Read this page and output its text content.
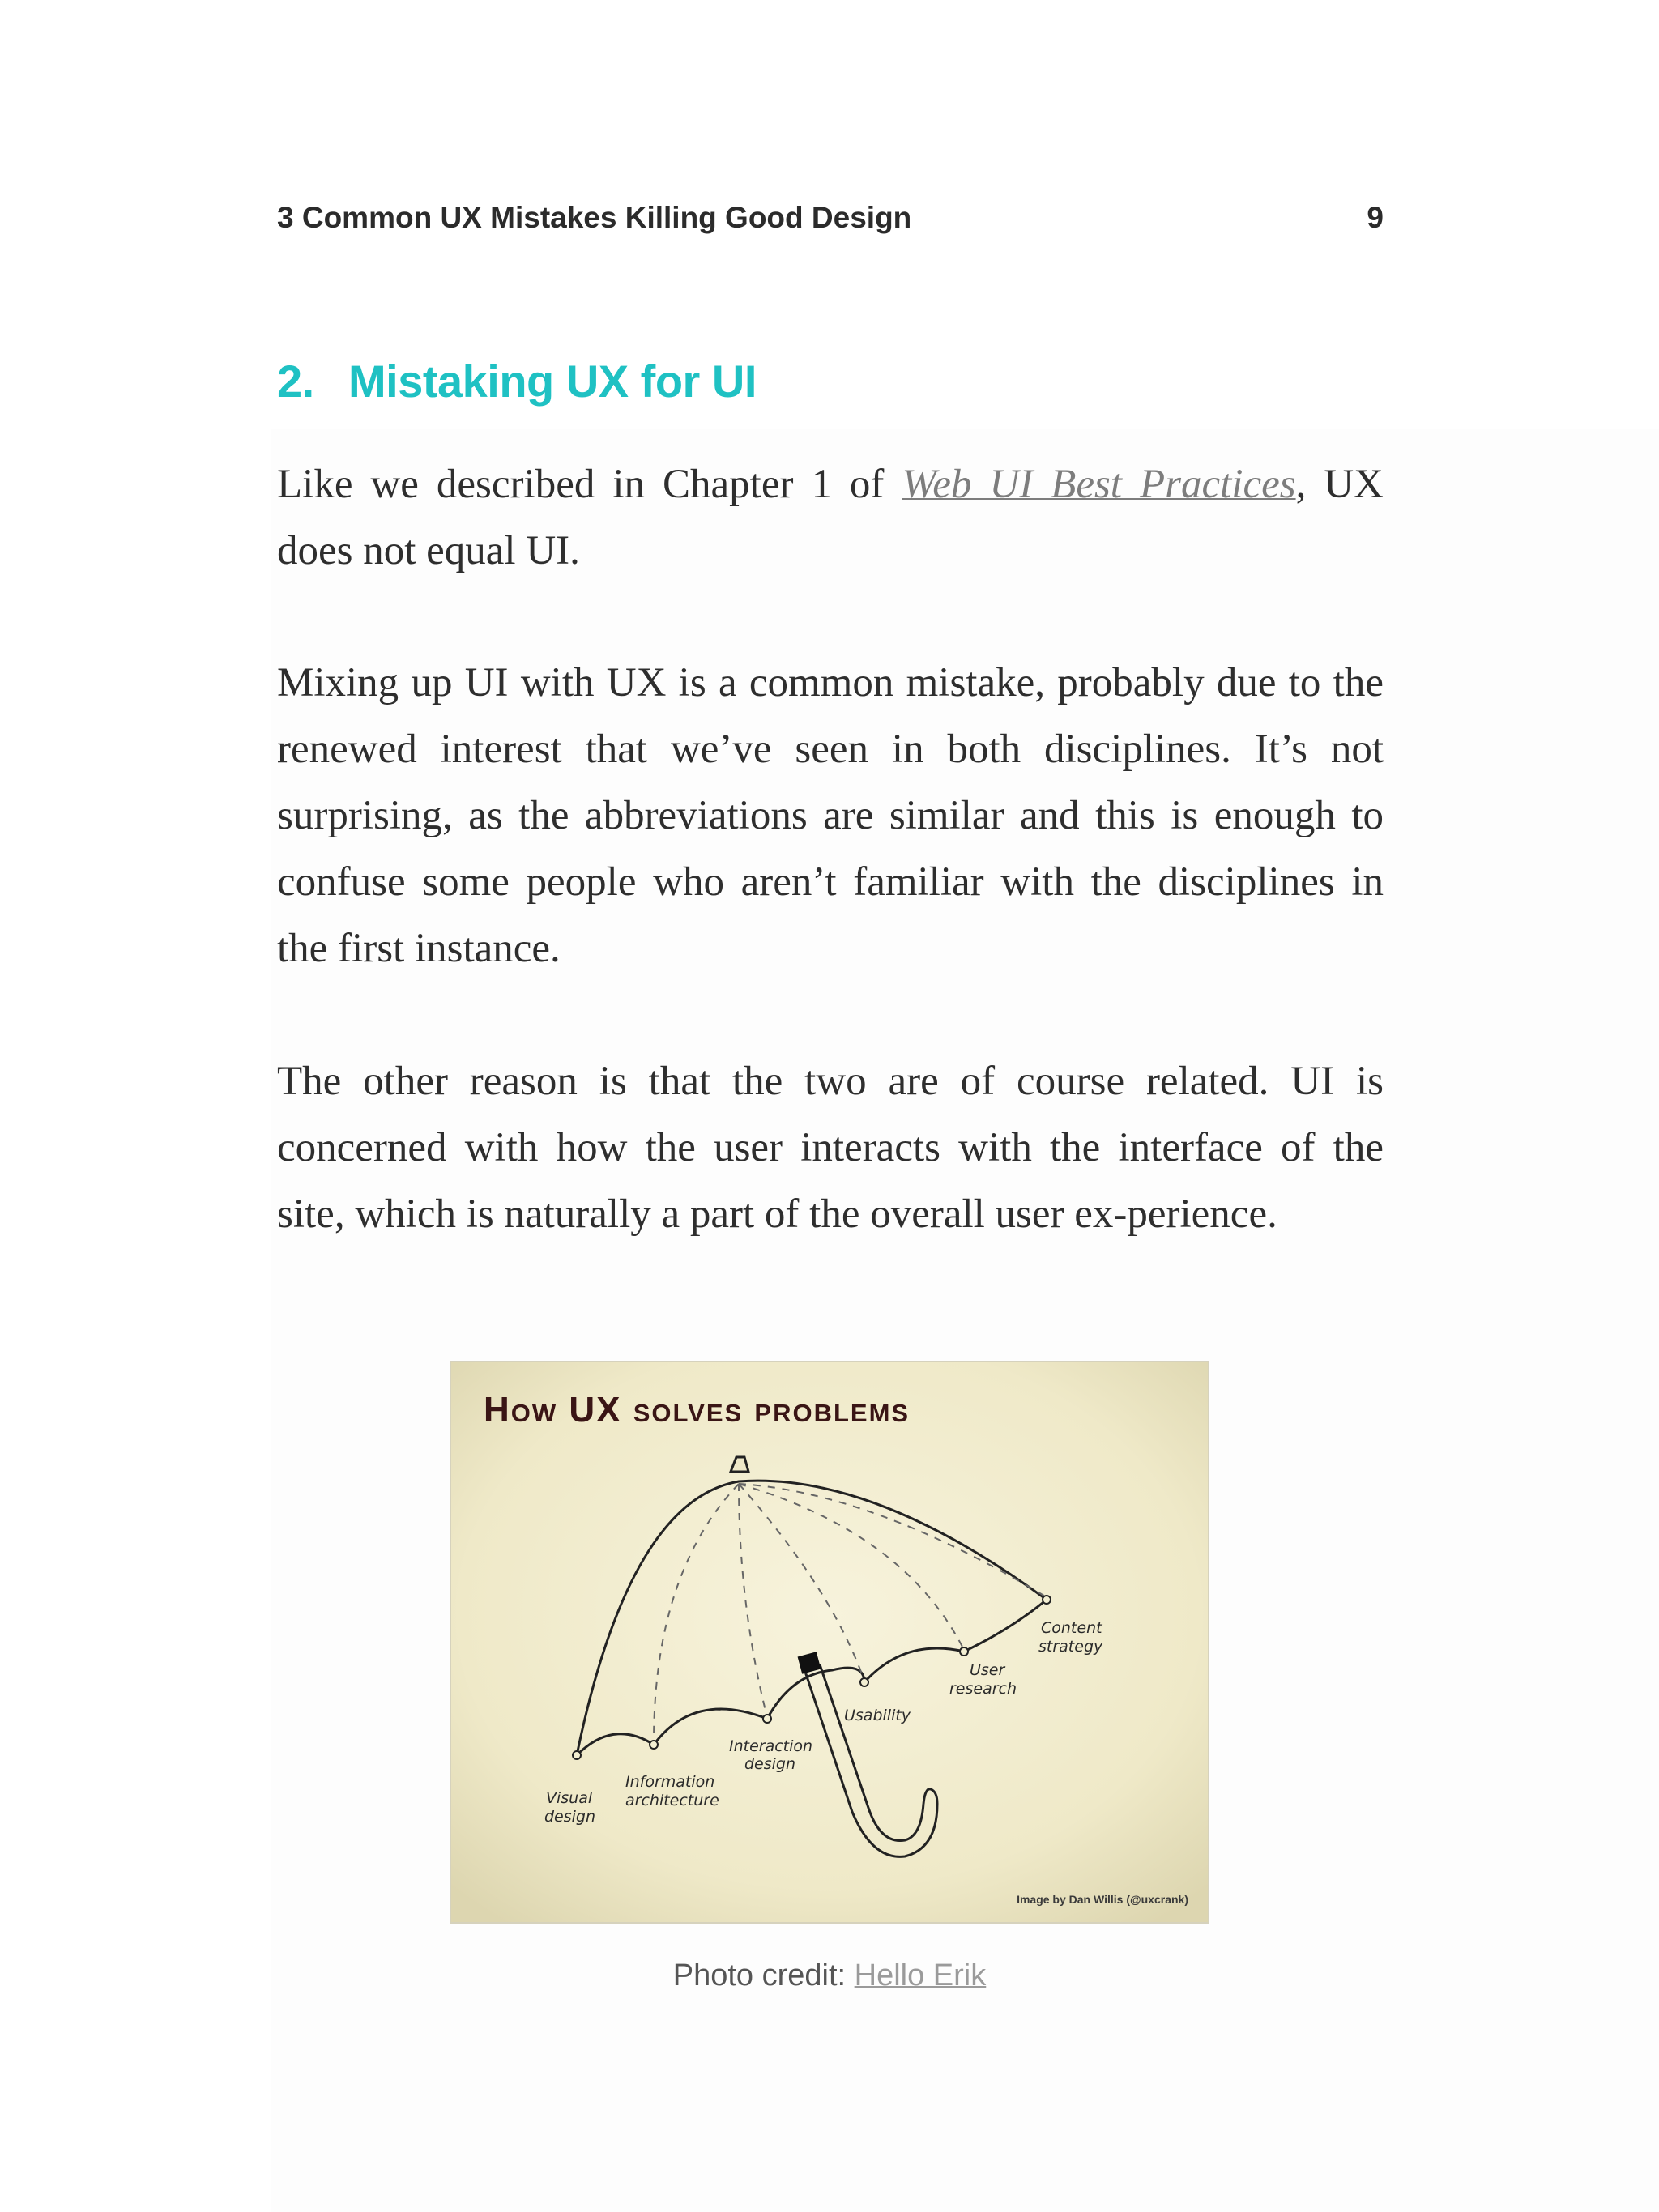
3 Common UX Mistakes Killing Good Design	9
2. Mistaking UX for UI

Like we described in Chapter 1 of Web UI Best Practices, UX does not equal UI.

Mixing up UI with UX is a common mistake, probably due to the renewed interest that we’ve seen in both disciplines. It’s not surprising, as the abbreviations are similar and this is enough to confuse some people who aren’t familiar with the disciplines in the first instance.

The other reason is that the two are of course related. UI is concerned with how the user interacts with the interface of the site, which is naturally a part of the overall user ex-perience.

How UX solves problems
Visual
design
Information
architecture
Interaction
design
Usability
User
research
Content
strategy
Image by Dan Willis (@uxcrank)
Photo credit: Hello Erik
